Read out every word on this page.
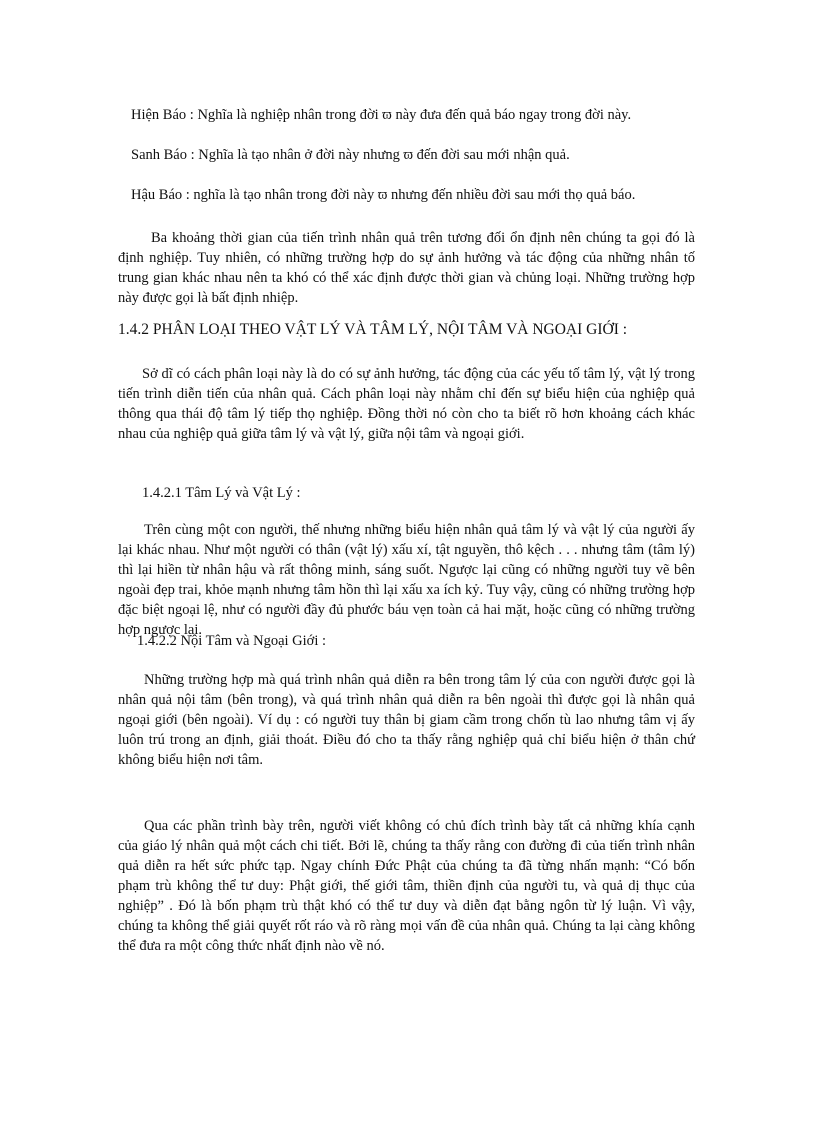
Hiện Báo : Nghĩa là nghiệp nhân trong đời ϖ này đưa đến quả báo ngay trong đời này.
Sanh Báo : Nghĩa là tạo nhân ở đời này nhưng ϖ đến đời sau mới nhận quả.
Hậu Báo : nghĩa là tạo nhân trong đời này ϖ nhưng đến nhiều đời sau mới thọ quả báo.
Ba khoảng thời gian của tiến trình nhân quả trên tương đối ổn định nên chúng ta gọi đó là định nghiệp. Tuy nhiên, có những trường hợp do sự ảnh hưởng và tác động của những nhân tố trung gian khác nhau nên ta khó có thể xác định được thời gian và chủng loại. Những trường hợp này được gọi là bất định nhiệp.
1.4.2 PHÂN LOẠI THEO VẬT LÝ VÀ TÂM LÝ, NỘI TÂM VÀ NGOẠI GIỚI :
Sở dĩ có cách phân loại này là do có sự ảnh hưởng, tác động của các yếu tố tâm lý, vật lý trong tiến trình diễn tiến của nhân quả. Cách phân loại này nhằm chỉ đến sự biểu hiện của nghiệp quả thông qua thái độ tâm lý tiếp thọ nghiệp. Đồng thời nó còn cho ta biết rõ hơn khoảng cách khác nhau của nghiệp quả giữa tâm lý và vật lý, giữa nội tâm và ngoại giới.
1.4.2.1 Tâm Lý và Vật Lý :
Trên cùng một con người, thế nhưng những biểu hiện nhân quả tâm lý và vật lý của người ấy lại khác nhau. Như một người có thân (vật lý) xấu xí, tật nguyền, thô kệch . . . nhưng tâm (tâm lý) thì lại hiền từ nhân hậu và rất thông minh, sáng suốt. Ngược lại cũng có những người tuy vẽ bên ngoài đẹp trai, khỏe mạnh nhưng tâm hồn thì lại xấu xa ích kỷ. Tuy vậy, cũng có những trường hợp đặc biệt ngoại lệ, như có người đầy đủ phước báu vẹn toàn cả hai mặt, hoặc cũng có những trường hợp ngược lại.
1.4.2.2 Nội Tâm và Ngoại Giới :
Những trường hợp mà quá trình nhân quả diễn ra bên trong tâm lý của con người được gọi là nhân quả nội tâm (bên trong), và quá trình nhân quả diễn ra bên ngoài thì được gọi là nhân quả ngoại giới (bên ngoài). Ví dụ : có người tuy thân bị giam cầm trong chốn tù lao nhưng tâm vị ấy luôn trú trong an định, giải thoát. Điều đó cho ta thấy rằng nghiệp quả chỉ biểu hiện ở thân chứ không biểu hiện nơi tâm.
Qua các phần trình bày trên, người viết không có chủ đích trình bày tất cả những khía cạnh của giáo lý nhân quả một cách chi tiết. Bởi lẽ, chúng ta thấy rằng con đường đi của tiến trình nhân quả diễn ra hết sức phức tạp. Ngay chính Đức Phật của chúng ta đã từng nhấn mạnh: “Có bốn phạm trù không thể tư duy: Phật giới, thế giới tâm, thiền định của người tu, và quả dị thục của nghiệp” . Đó là bốn phạm trù thật khó có thể tư duy và diễn đạt bằng ngôn từ lý luận. Vì vậy, chúng ta không thể giải quyết rốt ráo và rõ ràng mọi vấn đề của nhân quả. Chúng ta lại càng không thể đưa ra một công thức nhất định nào về nó.
